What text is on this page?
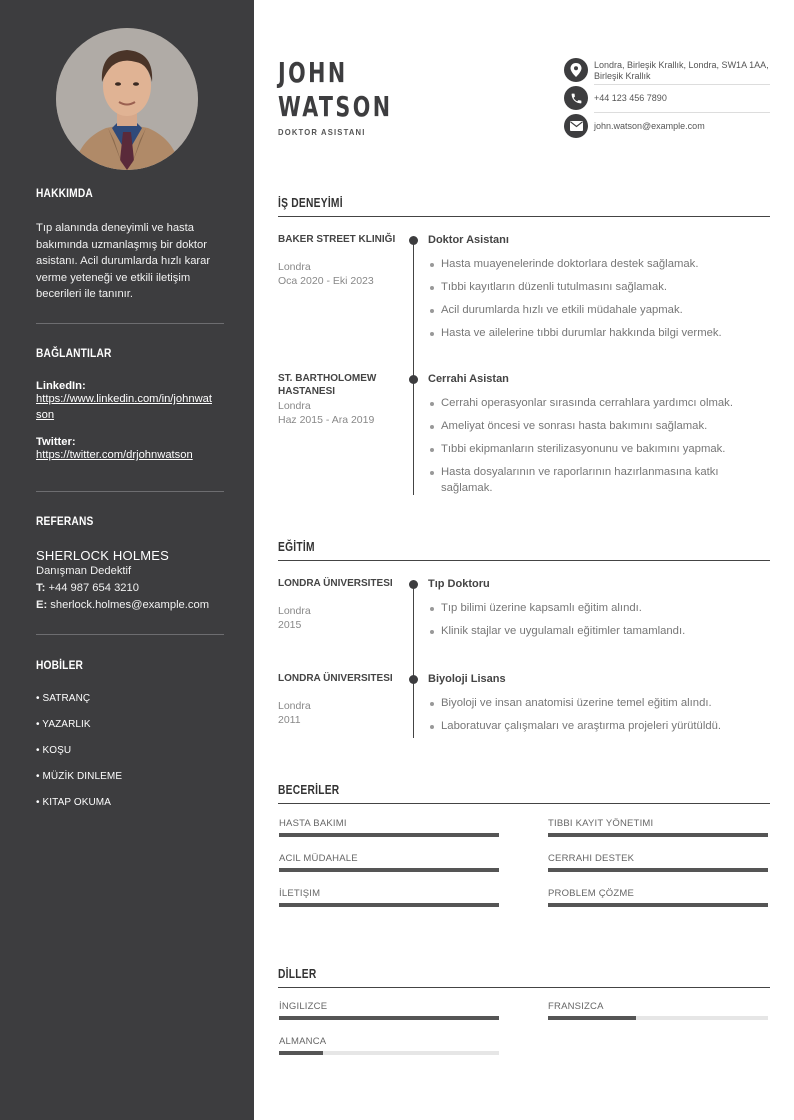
HAKKIMDA
Tıp alanında deneyimli ve hasta bakımında uzmanlaşmış bir doktor asistanı. Acil durumlarda hızlı karar verme yeteneği ve etkili iletişim becerileri ile tanınır.
BAĞLANTILAR
LinkedIn:
https://www.linkedin.com/in/johnwatson
Twitter:
https://twitter.com/drjohnwatson
REFERANS
SHERLOCK HOLMES
Danışman Dedektif
T: +44 987 654 3210
E: sherlock.holmes@example.com
HOBİLER
• SATRANÇ
• YAZARLIK
• KOŞU
• MÜZİK DINLEME
• KITAP OKUMA
JOHN
WATSON
DOKTOR ASISTANI
Londra, Birleşik Krallık, Londra, SW1A 1AA, Birleşik Krallık
+44 123 456 7890
john.watson@example.com
İŞ DENEYİMİ
BAKER STREET KLINIĞI
Londra
Oca 2020 - Eki 2023
Doktor Asistanı
Hasta muayenelerinde doktorlara destek sağlamak.
Tıbbi kayıtların düzenli tutulmasını sağlamak.
Acil durumlarda hızlı ve etkili müdahale yapmak.
Hasta ve ailelerine tıbbi durumlar hakkında bilgi vermek.
ST. BARTHOLOMEW HASTANESI
Londra
Haz 2015 - Ara 2019
Cerrahi Asistan
Cerrahi operasyonlar sırasında cerrahlara yardımcı olmak.
Ameliyat öncesi ve sonrası hasta bakımını sağlamak.
Tıbbi ekipmanların sterilizasyonunu ve bakımını yapmak.
Hasta dosyalarının ve raporlarının hazırlanmasına katkı sağlamak.
EĞİTİM
LONDRA ÜNIVERSITESI
Londra
2015
Tıp Doktoru
Tıp bilimi üzerine kapsamlı eğitim alındı.
Klinik stajlar ve uygulamalı eğitimler tamamlandı.
LONDRA ÜNIVERSITESI
Londra
2011
Biyoloji Lisans
Biyoloji ve insan anatomisi üzerine temel eğitim alındı.
Laboratuvar çalışmaları ve araştırma projeleri yürütüldü.
BECERİLER
HASTA BAKIMI	TIBBI KAYIT YÖNETIMI
ACIL MÜDAHALE	CERRAHI DESTEK
İLETIŞIM	PROBLEM ÇÖZME
DİLLER
İNGILIZCE	FRANSIZCA
ALMANCA
